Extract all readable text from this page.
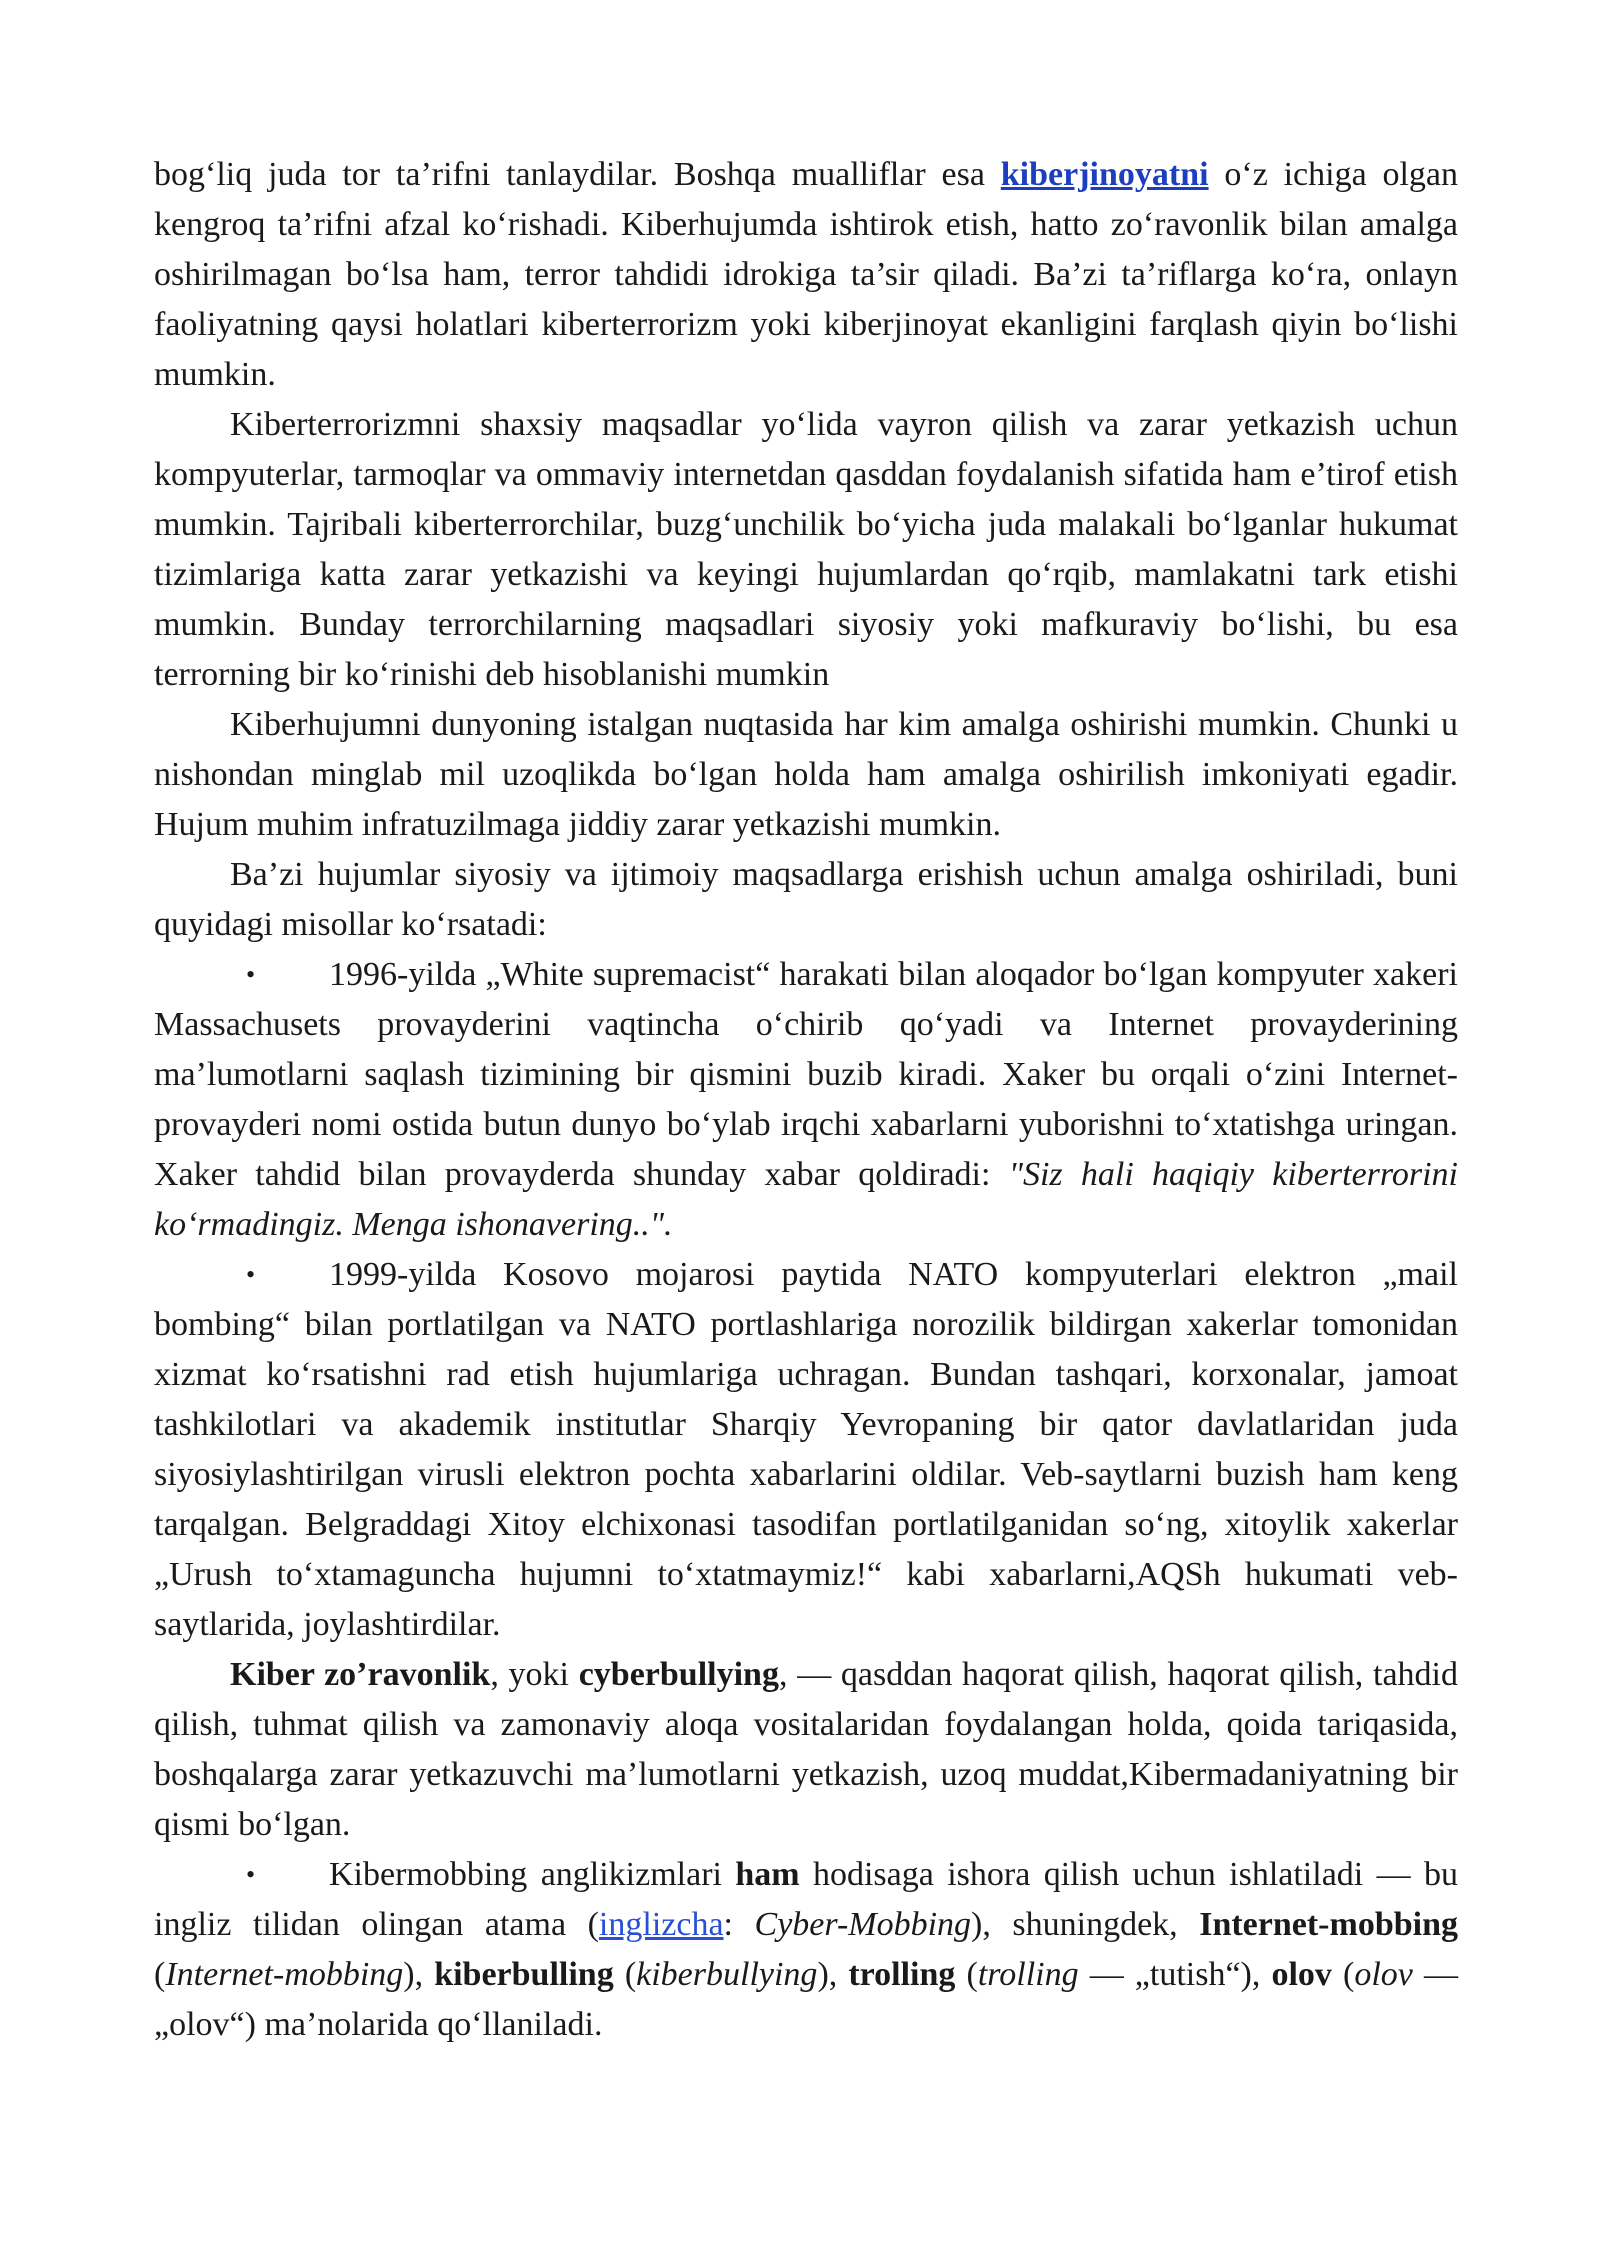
bog‘liq juda tor ta’rifni tanlaydilar. Boshqa mualliflar esa kiberjinoyatni o‘z ichiga olgan kengroq ta’rifni afzal ko‘rishadi. Kiberhujumda ishtirok etish, hatto zo‘ravonlik bilan amalga oshirilmagan bo‘lsa ham, terror tahdidi idrokiga ta’sir qiladi. Ba’zi ta’riflarga ko‘ra, onlayn faoliyatning qaysi holatlari kiberterrorizm yoki kiberjinoyat ekanligini farqlash qiyin bo‘lishi mumkin.

Kiberterrorizmni shaxsiy maqsadlar yo‘lida vayron qilish va zarar yetkazish uchun kompyuterlar, tarmoqlar va ommaviy internetdan qasddan foydalanish sifatida ham e’tirof etish mumkin. Tajribali kiberterrorchilar, buzg‘unchilik bo‘yicha juda malakali bo‘lganlar hukumat tizimlariga katta zarar yetkazishi va keyingi hujumlardan qo‘rqib, mamlakatni tark etishi mumkin. Bunday terrorchilarning maqsadlari siyosiy yoki mafkuraviy bo‘lishi, bu esa terrorning bir ko‘rinishi deb hisoblanishi mumkin

Kiberhujumni dunyoning istalgan nuqtasida har kim amalga oshirishi mumkin. Chunki u nishondan minglab mil uzoqlikda bo‘lgan holda ham amalga oshirilish imkoniyati egadir. Hujum muhim infratuzilmaga jiddiy zarar yetkazishi mumkin.

Ba’zi hujumlar siyosiy va ijtimoiy maqsadlarga erishish uchun amalga oshiriladi, buni quyidagi misollar ko‘rsatadi:

• 1996-yilda „White supremacist“ harakati bilan aloqador bo‘lgan kompyuter xakeri Massachusets provayderini vaqtincha o‘chirib qo‘yadi va Internet provayderining ma’lumotlarni saqlash tizimining bir qismini buzib kiradi. Xaker bu orqali o‘zini Internet-provayderi nomi ostida butun dunyo bo‘ylab irqchi xabarlarni yuborishni to‘xtatishga uringan. Xaker tahdid bilan provayderda shunday xabar qoldiradi: "Siz hali haqiqiy kiberterrorini ko‘rmadingiz. Menga ishonavering..".

• 1999-yilda Kosovo mojarosi paytida NATO kompyuterlari elektron „mail bombing“ bilan portlatilgan va NATO portlashlariga norozilik bildirgan xakerlar tomonidan xizmat ko‘rsatishni rad etish hujumlariga uchragan. Bundan tashqari, korxonalar, jamoat tashkilotlari va akademik institutlar Sharqiy Yevropaning bir qator davlatlaridan juda siyosiylashtirilgan virusli elektron pochta xabarlarini oldilar. Veb-saytlarni buzish ham keng tarqalgan. Belgraddagi Xitoy elchixonasi tasodifan portlatilganidan so‘ng, xitoylik xakerlar „Urush to‘xtamaguncha hujumni to‘xtatmaymiz!“ kabi xabarlarni,AQSh hukumati veb-saytlarida, joylashtirdilar.

Kiber zo’ravonlik, yoki cyberbullying, — qasddan haqorat qilish, haqorat qilish, tahdid qilish, tuhmat qilish va zamonaviy aloqa vositalaridan foydalangan holda, qoida tariqasida, boshqalarga zarar yetkazuvchi ma’lumotlarni yetkazish, uzoq muddat,Kibermadaniyatning bir qismi bo‘lgan.

• Kibermobbing anglikizmlari ham hodisaga ishora qilish uchun ishlatiladi — bu ingliz tilidan olingan atama (inglizcha: Cyber-Mobbing), shuningdek, Internet-mobbing (Internet-mobbing), kiberbulling (kiberbullying), trolling (trolling — „tutish“), olov (olov — „olov“) ma’nolarida qo‘llaniladi.
